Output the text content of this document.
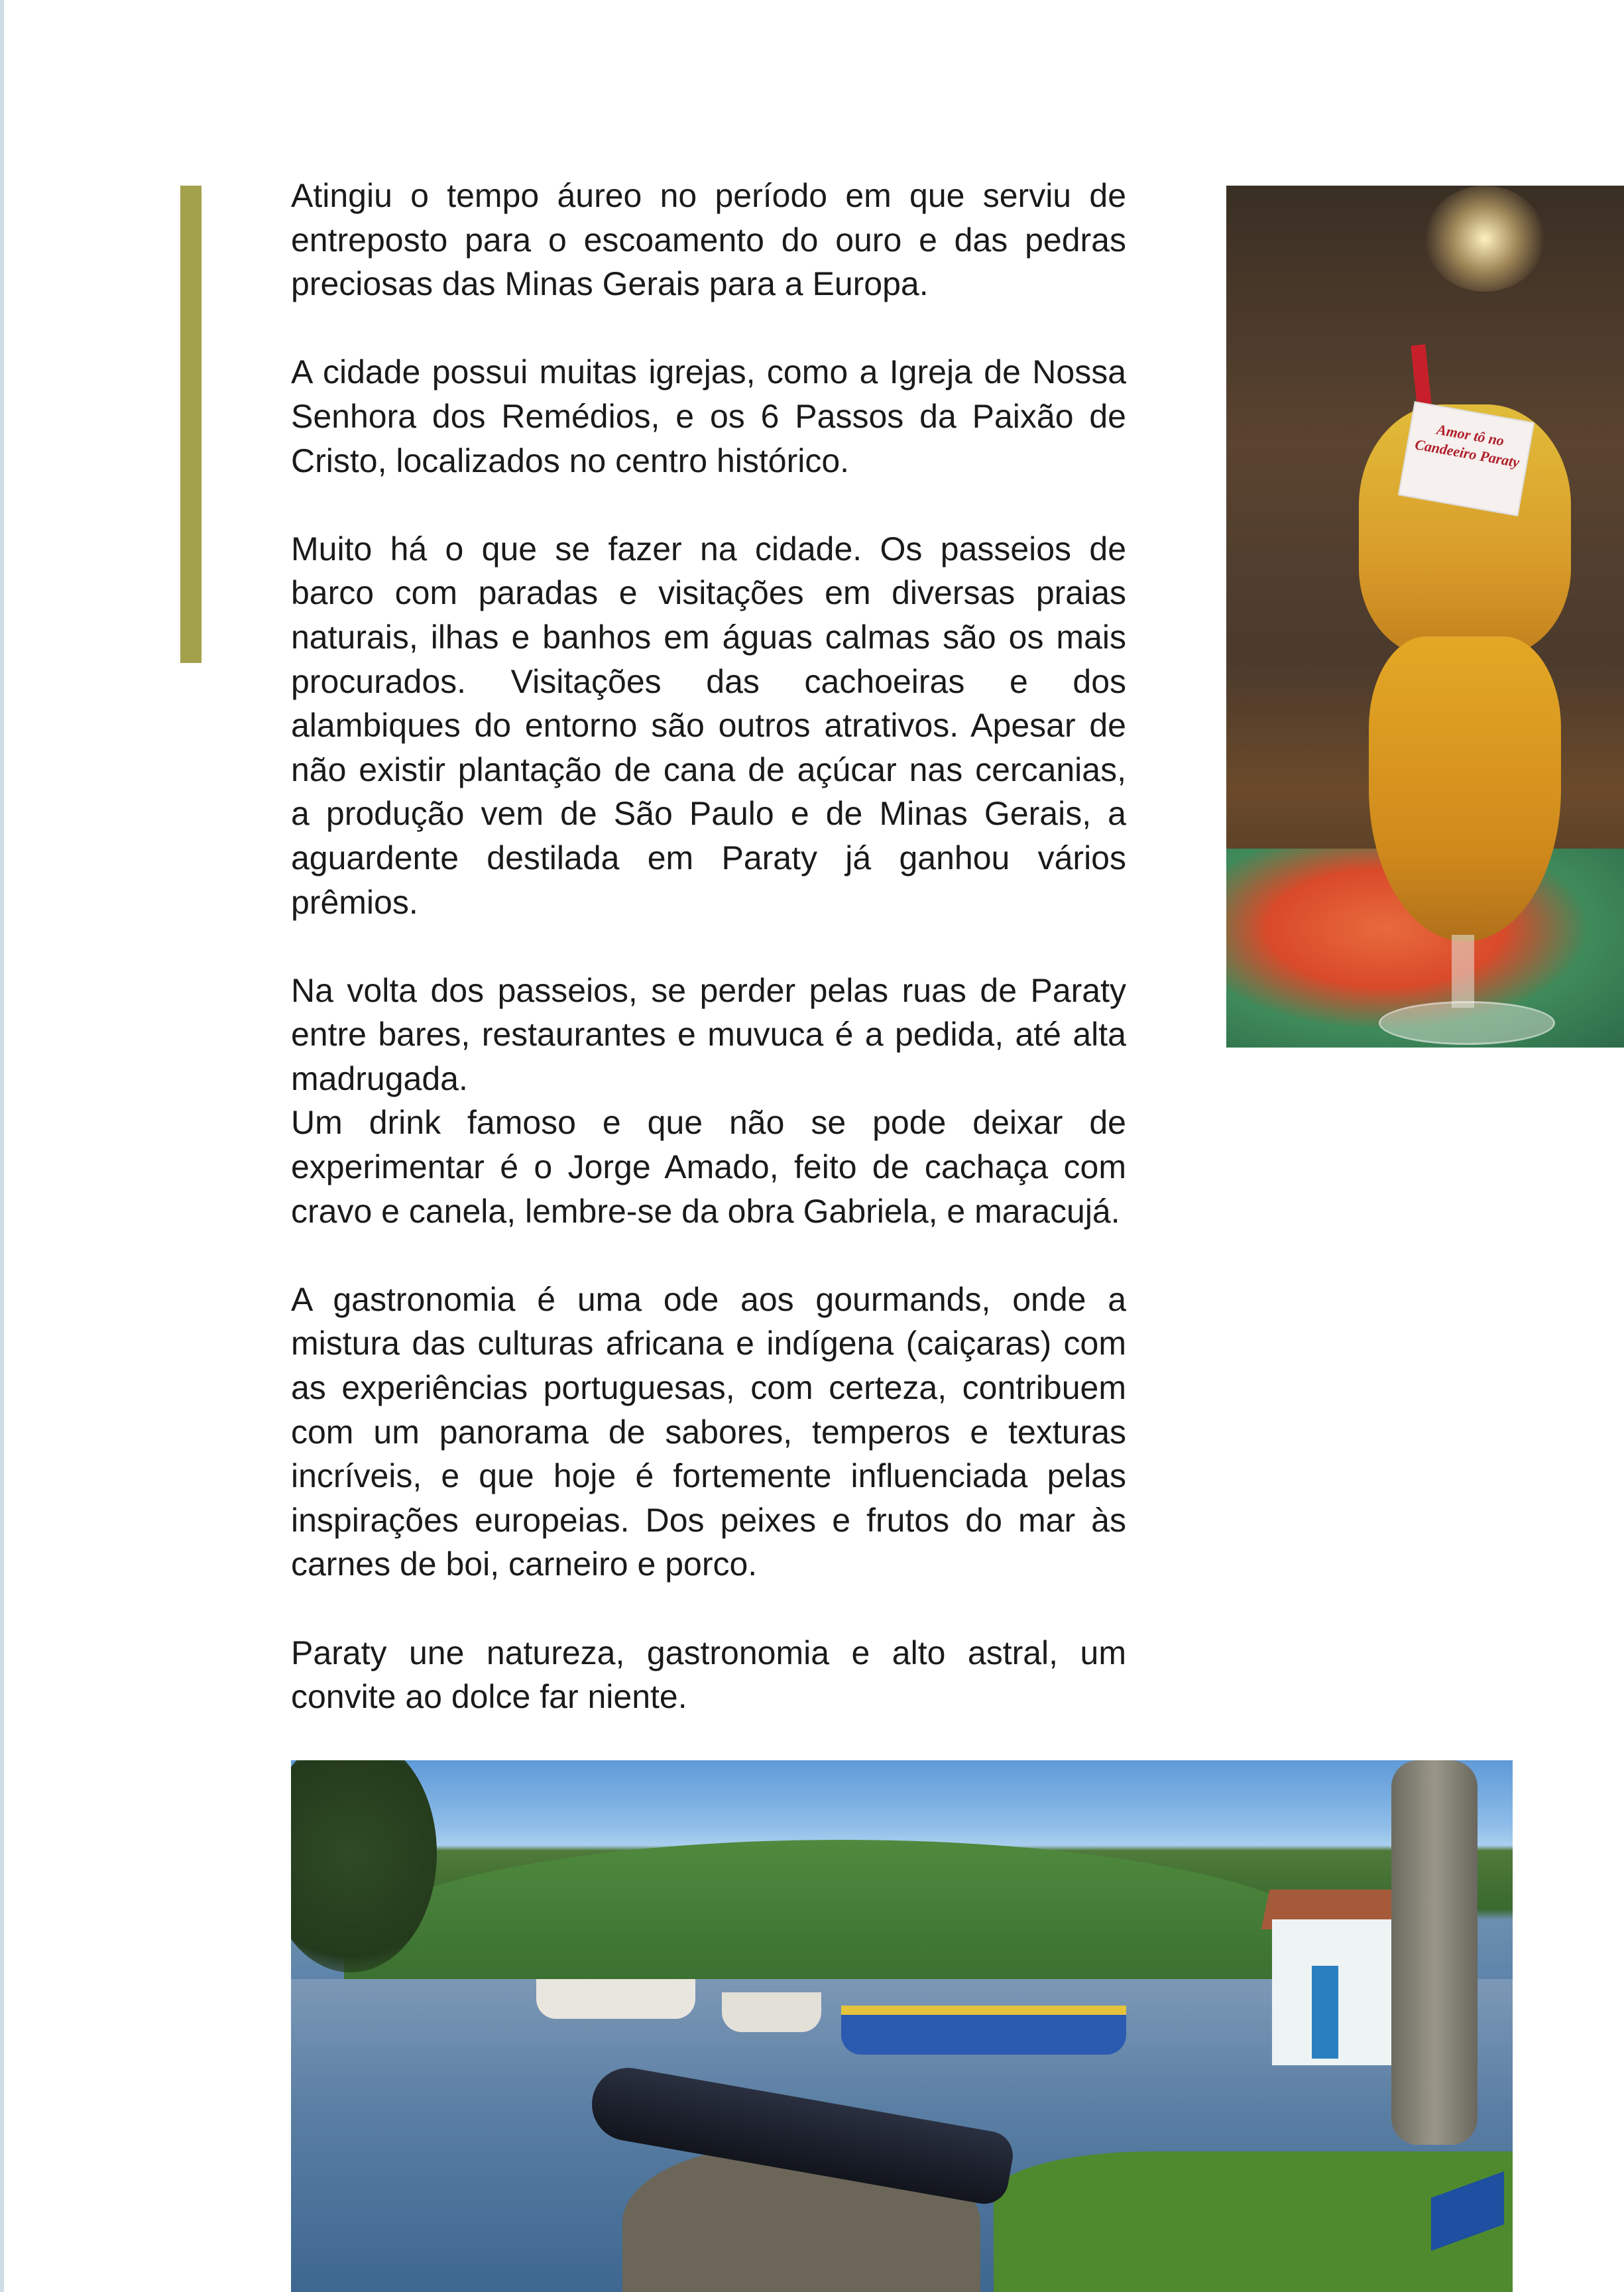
Atingiu o tempo áureo no período em que serviu de entreposto para o escoamento do ouro e das pedras preciosas das Minas Gerais para a Europa.

A cidade possui muitas igrejas, como a Igreja de Nossa Senhora dos Remédios, e os 6 Passos da Paixão de Cristo, localizados no centro histórico.

Muito há o que se fazer na cidade. Os passeios de barco com paradas e visitações em diversas praias naturais, ilhas e banhos em águas calmas são os mais procurados. Visitações das cachoeiras e dos alambiques do entorno são outros atrativos. Apesar de não existir plantação de cana de açúcar nas cercanias, a produção vem de São Paulo e de Minas Gerais, a aguardente destilada em Paraty já ganhou vários prêmios.

Na volta dos passeios, se perder pelas ruas de Paraty entre bares, restaurantes e muvuca é a pedida, até alta madrugada.

Um drink famoso e que não se pode deixar de experimentar é o Jorge Amado, feito de cachaça com cravo e canela, lembre-se da obra Gabriela, e maracujá.

A gastronomia é uma ode aos gourmands, onde a mistura das culturas africana e indígena (caiçaras) com as experiências portuguesas, com certeza, contribuem com um panorama de sabores, temperos e texturas incríveis, e que hoje é fortemente influenciada pelas inspirações europeias. Dos peixes e frutos do mar às carnes de boi, carneiro e porco.

Paraty une natureza, gastronomia e alto astral, um convite ao dolce far niente.

Amor tô no Candeeiro Paraty
